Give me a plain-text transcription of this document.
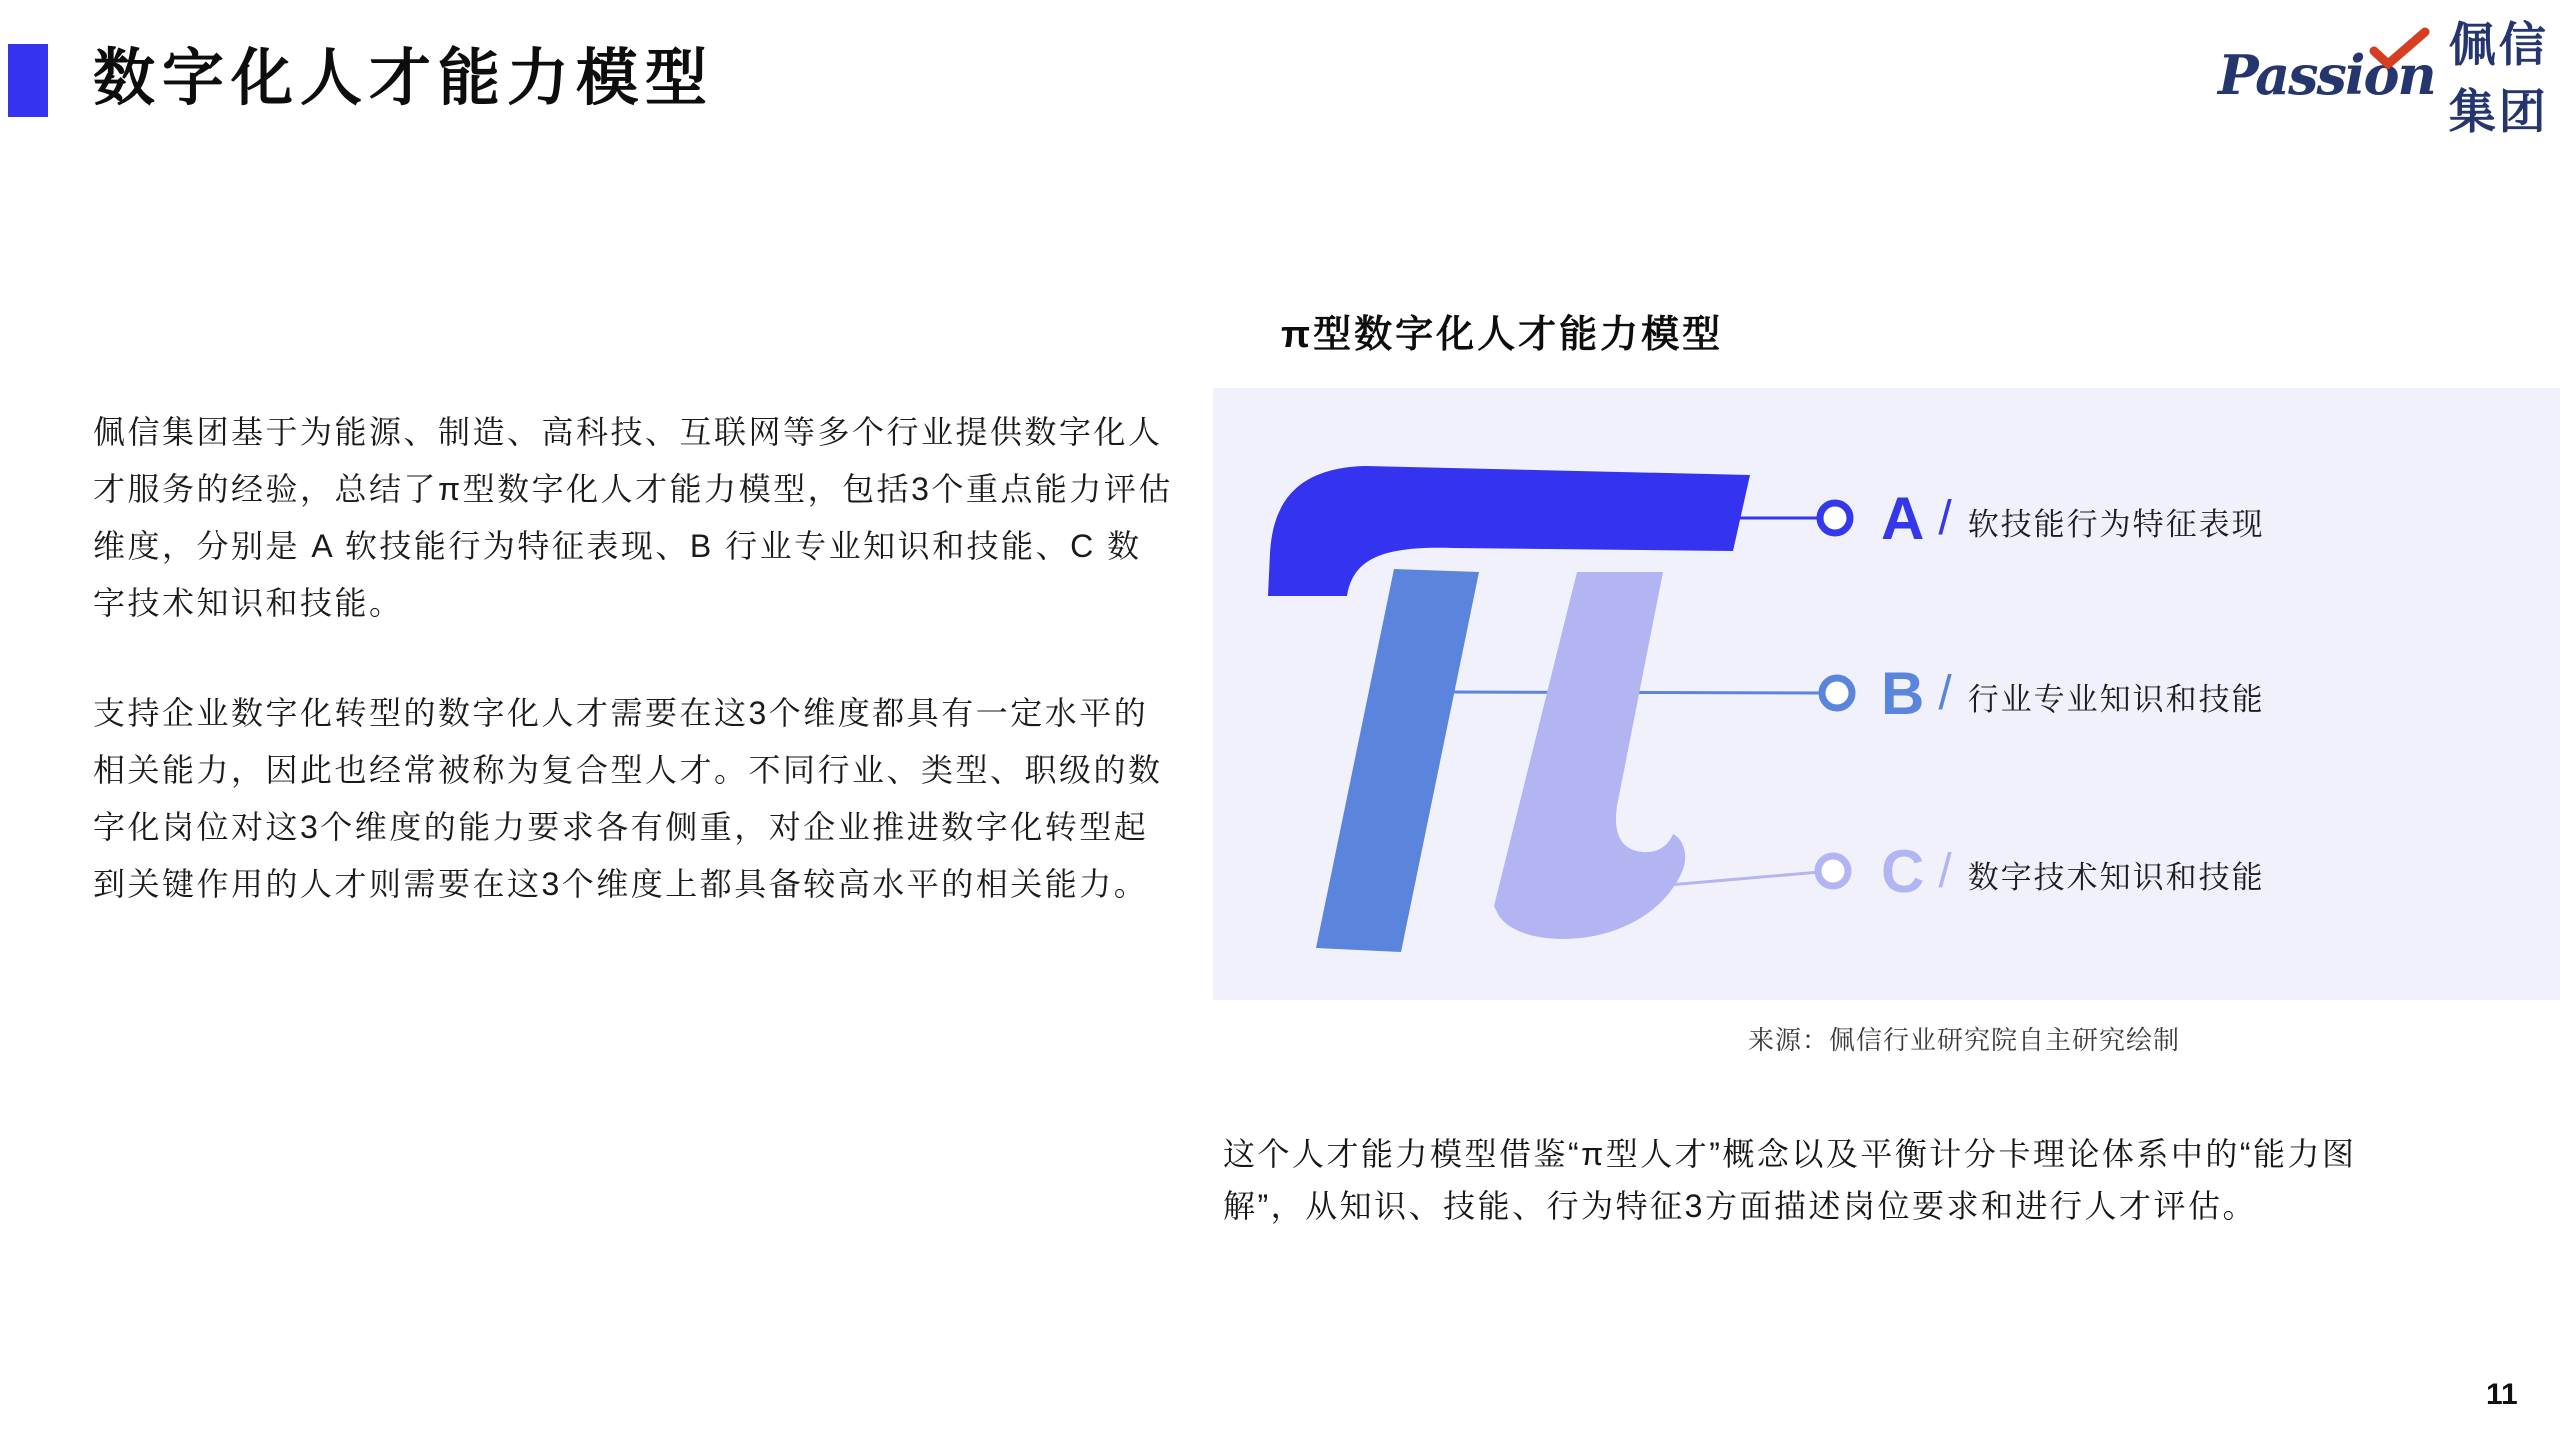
数字化人才能力模型	Passion 佩信集团

佩信集团基于为能源、制造、高科技、互联网等多个行业提供数字化人才服务的经验，总结了π型数字化人才能力模型，包括3个重点能力评估维度，分别是 A 软技能行为特征表现、B 行业专业知识和技能、C 数字技术知识和技能。

支持企业数字化转型的数字化人才需要在这3个维度都具有一定水平的相关能力，因此也经常被称为复合型人才。不同行业、类型、职级的数字化岗位对这3个维度的能力要求各有侧重，对企业推进数字化转型起到关键作用的人才则需要在这3个维度上都具备较高水平的相关能力。

π型数字化人才能力模型
A / 软技能行为特征表现
B / 行业专业知识和技能
C / 数字技术知识和技能
来源：佩信行业研究院自主研究绘制

这个人才能力模型借鉴“π型人才”概念以及平衡计分卡理论体系中的“能力图解”，从知识、技能、行为特征3方面描述岗位要求和进行人才评估。

11
